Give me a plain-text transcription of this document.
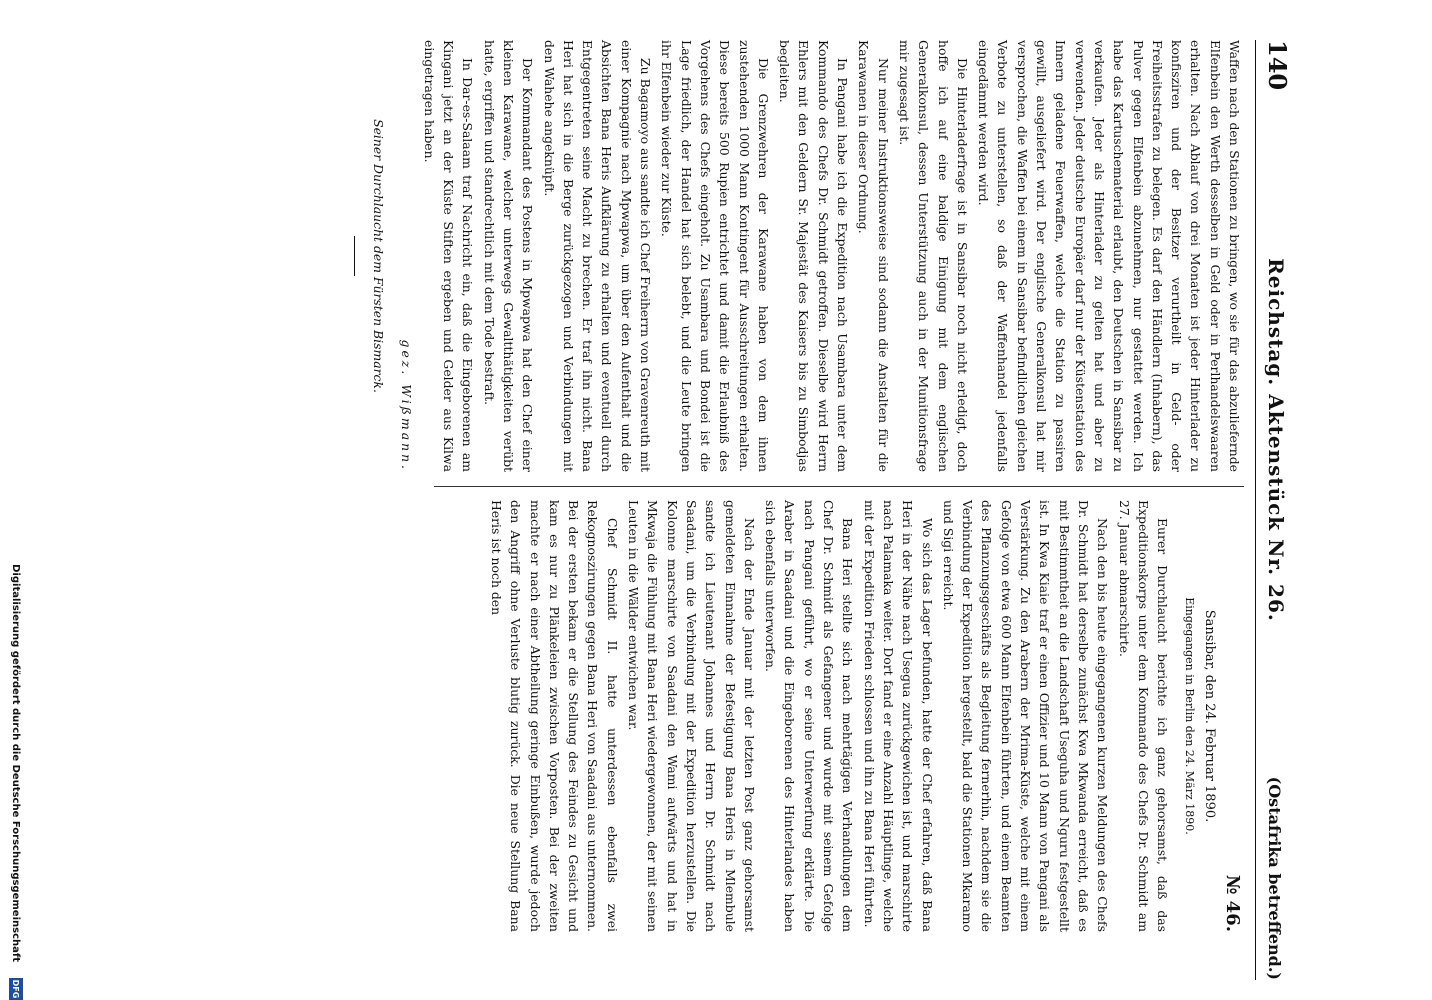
140
Reichstag. Aktenstück Nr. 26.
(Ostafrika betreffend.)

Waffen nach den Stationen zu bringen, wo sie für das abzuliefernde Elfenbein den Werth desselben in Geld oder in Perlhandelswaaren erhalten. Nach Ablauf von drei Monaten ist jeder Hinterlader zu konfisziren und der Besitzer verurtheilt in Geld- oder Freiheitsstrafen zu belegen. Es darf den Händlern (Inhabern), das Pulver gegen Elfenbein abzunehmen, nur gestattet werden. Ich habe das Kartuschematerial erlaubt, den Deutschen in Sansibar zu verkaufen. Jeder als Hinterlader zu gelten hat und aber zu verwenden. Jeder deutsche Europäer darf nur der Küstenstation des Innern geladene Feuerwaffen, welche die Station zu passiren gewillt, ausgeliefert wird. Der englische Generalkonsul hat mir versprochen, die Waffen bei einem in Sansibar befindlichen gleichen Verbote zu unterstellen, so daß der Waffenhandel jedenfalls eingedämmt werden wird.

Die Hinterladerfrage ist in Sansibar noch nicht erledigt, doch hoffe ich auf eine baldige Einigung mit dem englischen Generalkonsul, dessen Unterstützung auch in der Munitionsfrage mir zugesagt ist.

Nur meiner Instruktionsweise sind sodann die Anstalten für die Karawanen in dieser Ordnung.

In Pangani habe ich die Expedition nach Usambara unter dem Kommando des Chefs Dr. Schmidt getroffen. Dieselbe wird Herrn Ehlers mit den Geldern Sr. Majestät des Kaisers bis zu Simbodjas begleiten.

Die Grenzwehren der Karawane haben von dem ihnen zustehenden 1000 Mann Kontingent für Ausschreitungen erhalten. Diese bereits 500 Rupien entrichtet und damit die Erlaubniß des Vorgehens des Chefs eingeholt. Zu Usambara und Bondei ist die Lage friedlich, der Handel hat sich belebt, und die Leute bringen ihr Elfenbein wieder zur Küste.

Zu Bagamoyo aus sandte ich Chef Freiherrn von Gravenreuth mit einer Kompagnie nach Mpwapwa, um über den Aufenthalt und die Absichten Bana Heris Aufklärung zu erhalten und eventuell durch Entgegentreten seine Macht zu brechen. Er traf ihn nicht. Bana Heri hat sich in die Berge zurückgezogen und Verbindungen mit den Wahehe angeknüpft.

Der Kommandant des Postens in Mpwapwa hat den Chef einer kleinen Karawane, welcher unterwegs Gewaltthätigkeiten verübt hatte, ergriffen und standrechtlich mit dem Tode bestraft.

In Dar-es-Salaam traf Nachricht ein, daß die Eingeborenen am Kingani jetzt an der Küste Stiften ergeben und Gelder aus Kilwa eingetragen haben.

gez. Wißmann.
Seiner Durchlaucht dem Fürsten Bismarck.
№ 46.
Sansibar, den 24. Februar 1890.
Eingegangen in Berlin den 24. März 1890.

Eurer Durchlaucht berichte ich ganz gehorsamst, daß das Expeditionskorps unter dem Kommando des Chefs Dr. Schmidt am 27. Januar abmarschirte.

Nach den bis heute eingegangenen kurzen Meldungen des Chefs Dr. Schmidt hat derselbe zunächst Kwa Mkwanda erreicht, daß es mit Bestimmtheit an die Landschaft Useguha und Nguru festgestellt ist. In Kwa Kiaie traf er einen Offizier und 10 Mann von Pangani als Verstärkung. Zu den Arabern der Mrima-Küste, welche mit einem Gefolge von etwa 600 Mann Elfenbein führten, und einem Beamten des Pflanzungsgeschäfts als Begleitung fernerhin, nachdem sie die Verbindung der Expedition hergestellt, bald die Stationen Mkaramo und Sigi erreicht.

Wo sich das Lager befunden, hatte der Chef erfahren, daß Bana Heri in der Nähe nach Usegua zurückgewichen ist, und marschirte nach Palamaka weiter. Dort fand er eine Anzahl Häuptlinge, welche mit der Expedition Frieden schlossen und ihn zu Bana Heri führten.

Bana Heri stellte sich nach mehrtägigen Verhandlungen dem Chef Dr. Schmidt als Gefangener und wurde mit seinem Gefolge nach Pangani geführt, wo er seine Unterwerfung erklärte. Die Araber in Saadani und die Eingeborenen des Hinterlandes haben sich ebenfalls unterworfen.

Nach der Ende Januar mit der letzten Post ganz gehorsamst gemeldeten Einnahme der Befestigung Bana Heris in Mlembule sandte ich Lieutenant Johannes und Herrn Dr. Schmidt nach Saadani, um die Verbindung mit der Expedition herzustellen. Die Kolonne marschirte von Saadani den Wami aufwärts und hat in Mkwaja die Fühlung mit Bana Heri wiedergewonnen, der mit seinen Leuten in die Wälder entwichen war.

Chef Schmidt II. hatte unterdessen ebenfalls zwei Rekognoszirungen gegen Bana Heri von Saadani aus unternommen. Bei der ersten bekam er die Stellung des Feindes zu Gesicht und kam es nur zu Plänkeleien zwischen Vorposten. Bei der zweiten machte er nach einer Abtheilung geringe Einbußen, wurde jedoch den Angriff ohne Verluste blutig zurück. Die neue Stellung Bana Heris ist noch den

Digitalisierung gefördert durch die Deutsche Forschungsgemeinschaft
DFG
